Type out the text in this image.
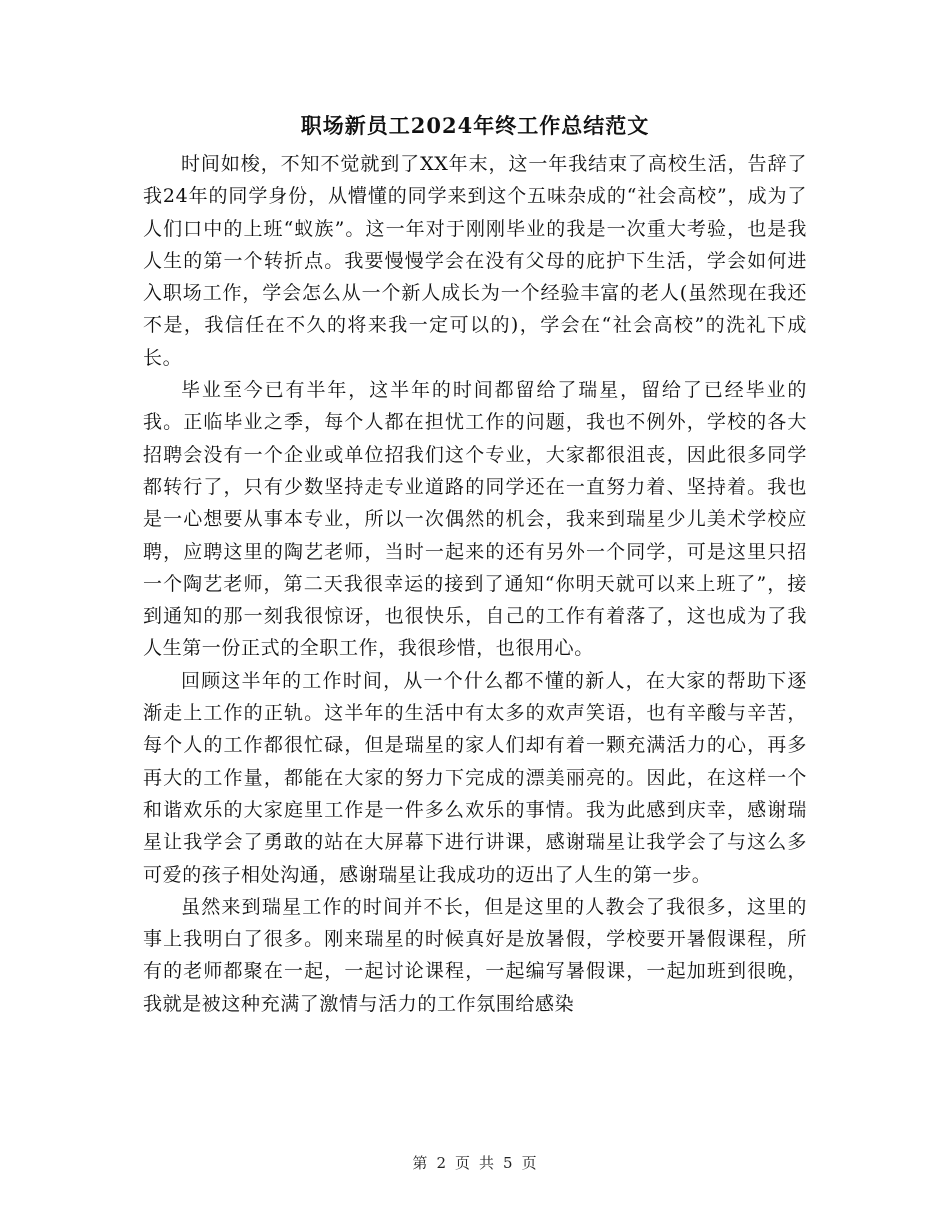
职场新员工2024年终工作总结范文

时间如梭，不知不觉就到了XX年末，这一年我结束了高校生活，告辞了我24年的同学身份，从懵懂的同学来到这个五味杂成的“社会高校”，成为了人们口中的上班“蚁族”。这一年对于刚刚毕业的我是一次重大考验，也是我人生的第一个转折点。我要慢慢学会在没有父母的庇护下生活，学会如何进入职场工作，学会怎么从一个新人成长为一个经验丰富的老人(虽然现在我还不是，我信任在不久的将来我一定可以的)，学会在“社会高校”的洗礼下成长。

毕业至今已有半年，这半年的时间都留给了瑞星，留给了已经毕业的我。正临毕业之季，每个人都在担忧工作的问题，我也不例外，学校的各大招聘会没有一个企业或单位招我们这个专业，大家都很沮丧，因此很多同学都转行了，只有少数坚持走专业道路的同学还在一直努力着、坚持着。我也是一心想要从事本专业，所以一次偶然的机会，我来到瑞星少儿美术学校应聘，应聘这里的陶艺老师，当时一起来的还有另外一个同学，可是这里只招一个陶艺老师，第二天我很幸运的接到了通知“你明天就可以来上班了”，接到通知的那一刻我很惊讶，也很快乐，自己的工作有着落了，这也成为了我人生第一份正式的全职工作，我很珍惜，也很用心。

回顾这半年的工作时间，从一个什么都不懂的新人，在大家的帮助下逐渐走上工作的正轨。这半年的生活中有太多的欢声笑语，也有辛酸与辛苦，每个人的工作都很忙碌，但是瑞星的家人们却有着一颗充满活力的心，再多再大的工作量，都能在大家的努力下完成的漂美丽亮的。因此，在这样一个和谐欢乐的大家庭里工作是一件多么欢乐的事情。我为此感到庆幸，感谢瑞星让我学会了勇敢的站在大屏幕下进行讲课，感谢瑞星让我学会了与这么多可爱的孩子相处沟通，感谢瑞星让我成功的迈出了人生的第一步。

虽然来到瑞星工作的时间并不长，但是这里的人教会了我很多，这里的事上我明白了很多。刚来瑞星的时候真好是放暑假，学校要开暑假课程，所有的老师都聚在一起，一起讨论课程，一起编写暑假课，一起加班到很晚，我就是被这种充满了激情与活力的工作氛围给感染

第 2 页 共 5 页
